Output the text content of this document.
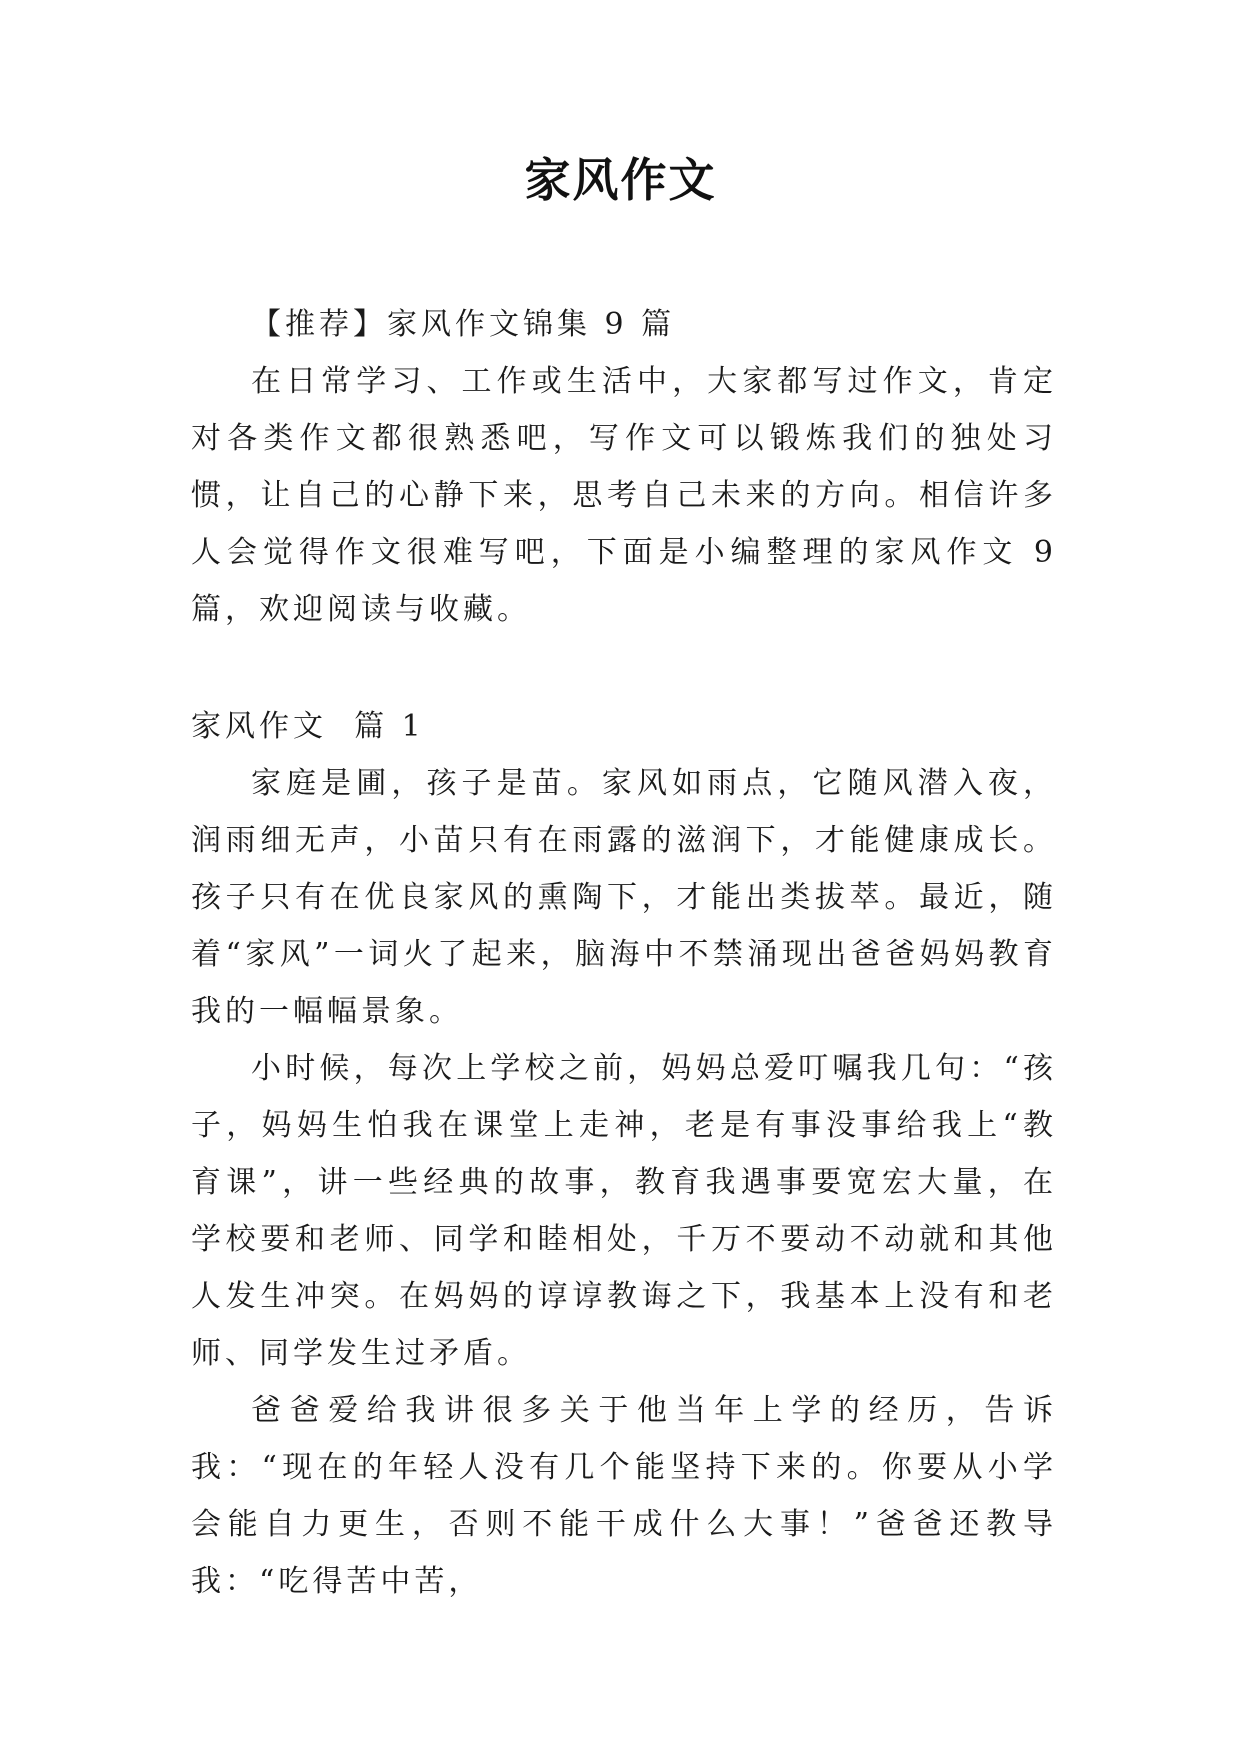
家风作文

【推荐】家风作文锦集 9 篇

在日常学习、工作或生活中，大家都写过作文，肯定对各类作文都很熟悉吧，写作文可以锻炼我们的独处习惯，让自己的心静下来，思考自己未来的方向。相信许多人会觉得作文很难写吧，下面是小编整理的家风作文 9 篇，欢迎阅读与收藏。

家风作文  篇 1

家庭是圃，孩子是苗。家风如雨点，它随风潜入夜，润雨细无声，小苗只有在雨露的滋润下，才能健康成长。孩子只有在优良家风的熏陶下，才能出类拔萃。最近，随着“家风”一词火了起来，脑海中不禁涌现出爸爸妈妈教育我的一幅幅景象。

小时候，每次上学校之前，妈妈总爱叮嘱我几句：“孩子，妈妈生怕我在课堂上走神，老是有事没事给我上“教育课”，讲一些经典的故事，教育我遇事要宽宏大量，在学校要和老师、同学和睦相处，千万不要动不动就和其他人发生冲突。在妈妈的谆谆教诲之下，我基本上没有和老师、同学发生过矛盾。

爸爸爱给我讲很多关于他当年上学的经历，告诉我：“现在的年轻人没有几个能坚持下来的。你要从小学会能自力更生，否则不能干成什么大事！”爸爸还教导我：“吃得苦中苦，
